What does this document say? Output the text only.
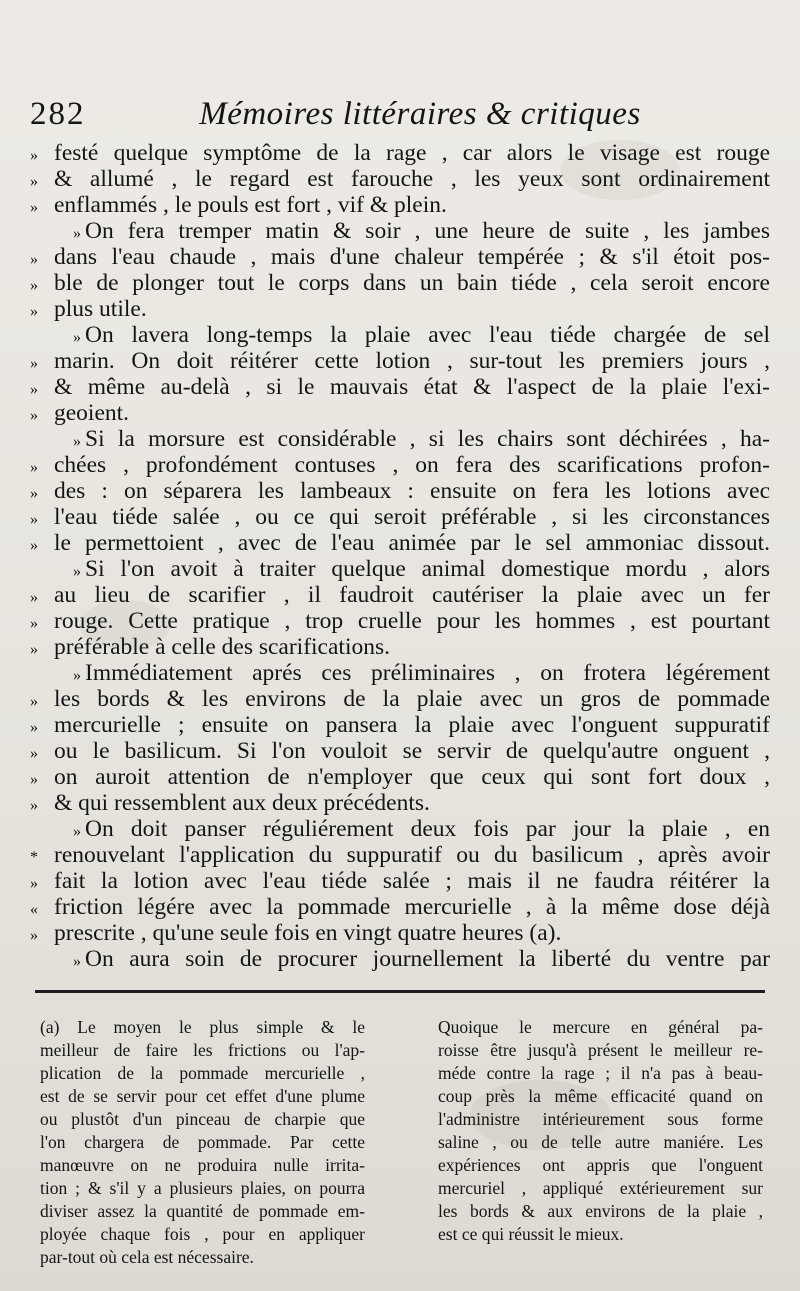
282	Mémoires littéraires & critiques
» festé quelque symptôme de la rage , car alors le visage est rouge
» & allumé , le regard est farouche , les yeux sont ordinairement
» enflammés , le pouls est fort , vif & plein.
» On fera tremper matin & soir , une heure de suite , les jambes
» dans l'eau chaude , mais d'une chaleur tempérée ; & s'il étoit pos-
» ble de plonger tout le corps dans un bain tiéde , cela seroit encore
» plus utile.
» On lavera long-temps la plaie avec l'eau tiéde chargée de sel
» marin. On doit réitérer cette lotion , sur-tout les premiers jours ,
» & même au-delà , si le mauvais état & l'aspect de la plaie l'exi-
» geoient.
» Si la morsure est considérable , si les chairs sont déchirées , ha-
» chées , profondément contuses , on fera des scarifications profon-
» des : on séparera les lambeaux : ensuite on fera les lotions avec
» l'eau tiéde salée , ou ce qui seroit préférable , si les circonstances
» le permettoient , avec de l'eau animée par le sel ammoniac dissout.
» Si l'on avoit à traiter quelque animal domestique mordu , alors
» au lieu de scarifier , il faudroit cautériser la plaie avec un fer
» rouge. Cette pratique , trop cruelle pour les hommes , est pourtant
» préférable à celle des scarifications.
» Immédiatement aprés ces préliminaires , on frotera légérement
» les bords & les environs de la plaie avec un gros de pommade
» mercurielle ; ensuite on pansera la plaie avec l'onguent suppuratif
» ou le basilicum. Si l'on vouloit se servir de quelqu'autre onguent ,
» on auroit attention de n'employer que ceux qui sont fort doux ,
» & qui ressemblent aux deux précédents.
» On doit panser réguliérement deux fois par jour la plaie , en
* renouvelant l'application du suppuratif ou du basilicum , après avoir
» fait la lotion avec l'eau tiéde salée ; mais il ne faudra réitérer la
« friction légére avec la pommade mercurielle , à la même dose déjà
» prescrite , qu'une seule fois en vingt quatre heures (a).
» On aura soin de procurer journellement la liberté du ventre par
(a) Le moyen le plus simple & le
meilleur de faire les frictions ou l'ap-
plication de la pommade mercurielle ,
est de se servir pour cet effet d'une plume
ou plustôt d'un pinceau de charpie que
l'on chargera de pommade. Par cette
manœuvre on ne produira nulle irrita-
tion ; & s'il y a plusieurs plaies, on pourra
diviser assez la quantité de pommade em-
ployée chaque fois , pour en appliquer
par-tout où cela est nécessaire.
Quoique le mercure en général pa-
roisse être jusqu'à présent le meilleur re-
méde contre la rage ; il n'a pas à beau-
coup près la même efficacité quand on
l'administre intérieurement sous forme
saline , ou de telle autre maniére. Les
expériences ont appris que l'onguent
mercuriel , appliqué extérieurement sur
les bords & aux environs de la plaie ,
est ce qui réussit le mieux.
